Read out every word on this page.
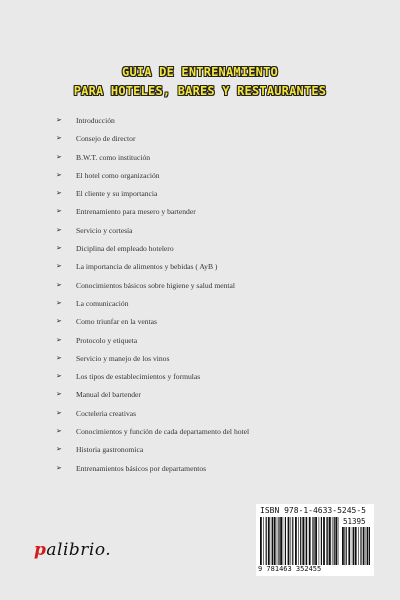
GUIA DE ENTRENAMIENTO
PARA HOTELES, BARES Y RESTAURANTES
➢ Introducción
➢ Consejo de director
➢ B.W.T. como institución
➢ El hotel como organización
➢ El cliente y su importancia
➢ Entrenamiento para mesero y bartender
➢ Servicio y cortesía
➢ Diciplina del empleado hotelero
➢ La importancia de alimentos y bebidas ( AyB )
➢ Conocimientos básicos sobre higiene y salud mental
➢ La comunicación
➢ Como triunfar en la ventas
➢ Protocolo y etiqueta
➢ Servicio y manejo de los vinos
➢ Los tipos de establecimientos y formulas
➢ Manual del bartender
➢ Cocteleria creativas
➢ Conocimientos y función de cada departamento del hotel
➢ Historia gastronomica
➢ Entrenamientos básicos por departamentos
ISBN 978-1-4633-5245-5
51395
9 781463 352455
palibrio.
